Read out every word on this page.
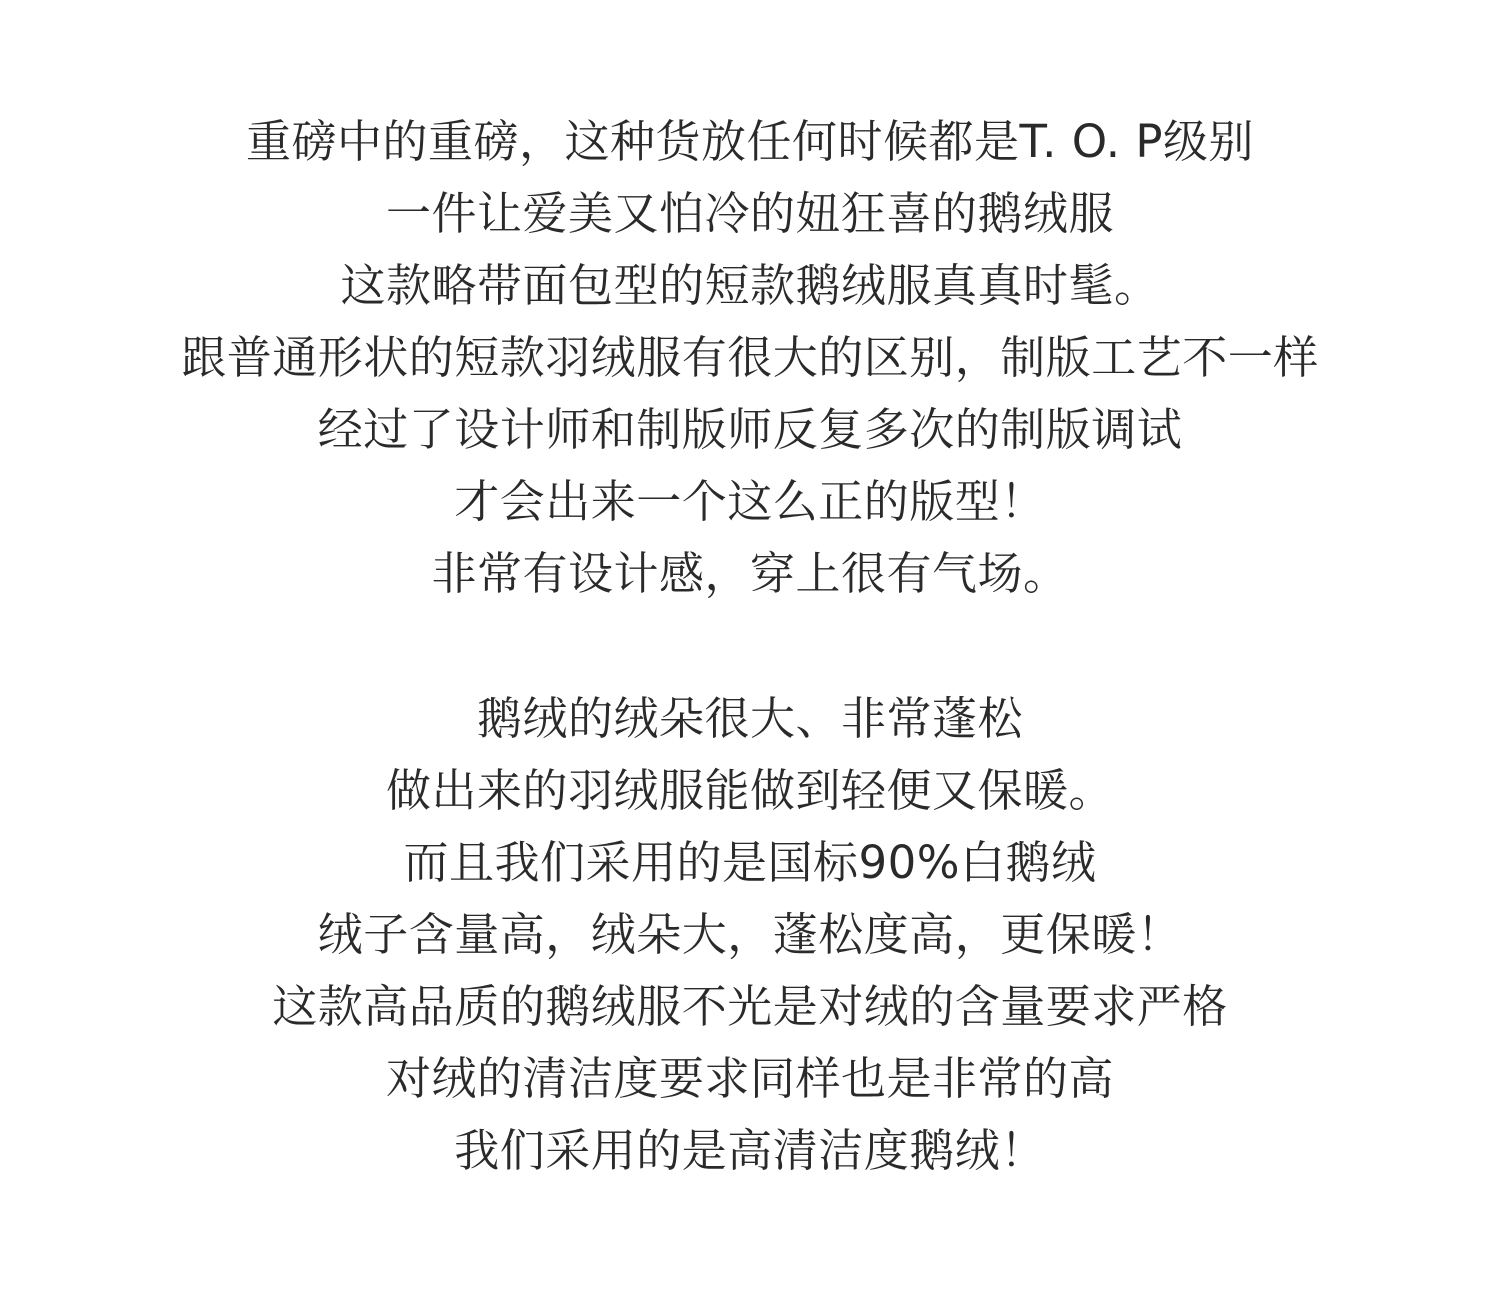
重磅中的重磅，这种货放任何时候都是T. O. P级别
一件让爱美又怕冷的妞狂喜的鹅绒服
这款略带面包型的短款鹅绒服真真时髦。
跟普通形状的短款羽绒服有很大的区别，制版工艺不一样
经过了设计师和制版师反复多次的制版调试
才会出来一个这么正的版型！
非常有设计感，穿上很有气场。
鹅绒的绒朵很大、非常蓬松
做出来的羽绒服能做到轻便又保暖。
而且我们采用的是国标90%白鹅绒
绒子含量高，绒朵大，蓬松度高，更保暖！
这款高品质的鹅绒服不光是对绒的含量要求严格
对绒的清洁度要求同样也是非常的高
我们采用的是高清洁度鹅绒！
